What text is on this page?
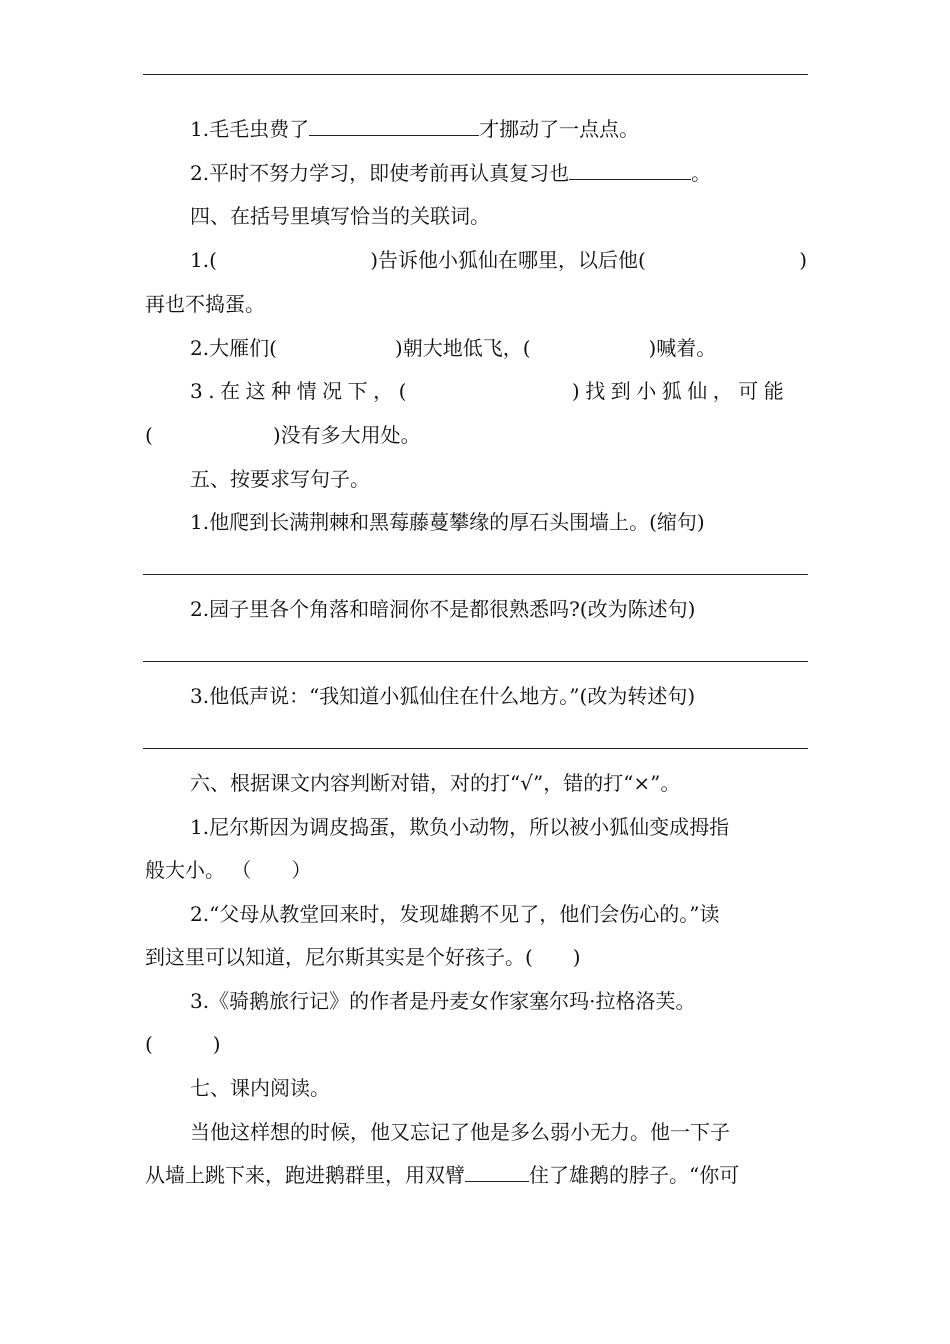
1.毛毛虫费了	才挪动了一点点。
2.平时不努力学习，即使考前再认真复习也	。
四、在括号里填写恰当的关联词。
1.(	)告诉他小狐仙在哪里，以后他(	)
再也不捣蛋。
2.大雁们(	)朝大地低飞，(	)喊着。
3.在这种情况下，(	)找到小狐仙，可能
(	)没有多大用处。
五、按要求写句子。
1.他爬到长满荆棘和黑莓藤蔓攀缘的厚石头围墙上。(缩句)
2.园子里各个角落和暗洞你不是都很熟悉吗?(改为陈述句)
3.他低声说：“我知道小狐仙住在什么地方。”(改为转述句)
六、根据课文内容判断对错，对的打“√”，错的打“×”。
1.尼尔斯因为调皮捣蛋，欺负小动物，所以被小狐仙变成拇指
般大小。 （　　）
2.“父母从教堂回来时，发现雄鹅不见了，他们会伤心的。”读
到这里可以知道，尼尔斯其实是个好孩子。(　　)
3.《骑鹅旅行记》的作者是丹麦女作家塞尔玛·拉格洛芙。
(　　　)
七、课内阅读。
当他这样想的时候，他又忘记了他是多么弱小无力。他一下子
从墙上跳下来，跑进鹅群里，用双臂	住了雄鹅的脖子。“你可
